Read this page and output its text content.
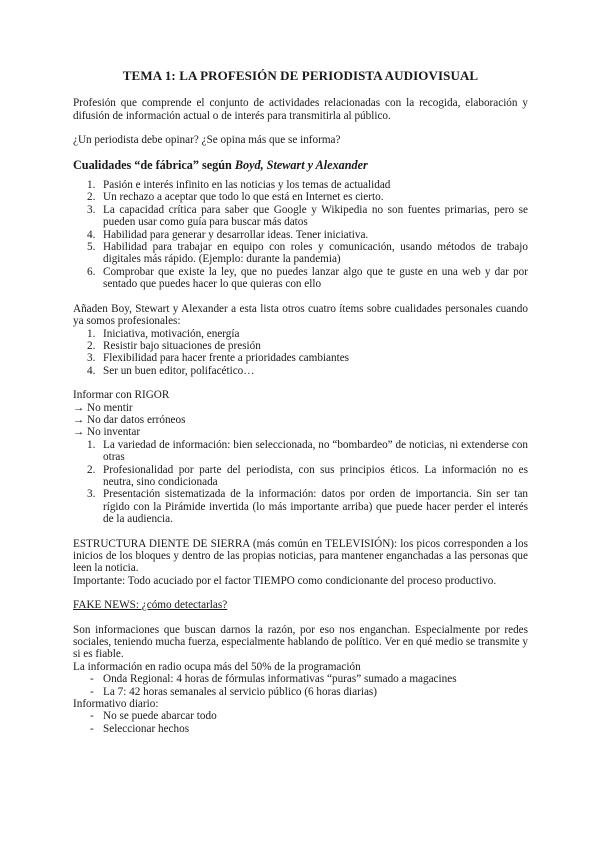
TEMA 1: LA PROFESIÓN DE PERIODISTA AUDIOVISUAL

Profesión que comprende el conjunto de actividades relacionadas con la recogida, elaboración y difusión de información actual o de interés para transmitirla al público.

¿Un periodista debe opinar? ¿Se opina más que se informa?

Cualidades “de fábrica” según Boyd, Stewart y Alexander

1. Pasión e interés infinito en las noticias y los temas de actualidad
2. Un rechazo a aceptar que todo lo que está en Internet es cierto.
3. La capacidad crítica para saber que Google y Wikipedia no son fuentes primarias, pero se pueden usar como guía para buscar más datos
4. Habilidad para generar y desarrollar ideas. Tener iniciativa.
5. Habilidad para trabajar en equipo con roles y comunicación, usando métodos de trabajo digitales más rápido. (Ejemplo: durante la pandemia)
6. Comprobar que existe la ley, que no puedes lanzar algo que te guste en una web y dar por sentado que puedes hacer lo que quieras con ello

Añaden Boy, Stewart y Alexander a esta lista otros cuatro ítems sobre cualidades personales cuando ya somos profesionales:

1. Iniciativa, motivación, energía
2. Resistir bajo situaciones de presión
3. Flexibilidad para hacer frente a prioridades cambiantes
4. Ser un buen editor, polifacético…

Informar con RIGOR

→ No mentir

→ No dar datos erróneos

→ No inventar

1. La variedad de información: bien seleccionada, no “bombardeo” de noticias, ni extenderse con otras
2. Profesionalidad por parte del periodista, con sus principios éticos. La información no es neutra, sino condicionada
3. Presentación sistematizada de la información: datos por orden de importancia. Sin ser tan rígido con la Pirámide invertida (lo más importante arriba) que puede hacer perder el interés de la audiencia.

ESTRUCTURA DIENTE DE SIERRA (más común en TELEVISIÓN): los picos corresponden a los inicios de los bloques y dentro de las propias noticias, para mantener enganchadas a las personas que leen la noticia.

Importante: Todo acuciado por el factor TIEMPO como condicionante del proceso productivo.

FAKE NEWS: ¿cómo detectarlas?

Son informaciones que buscan darnos la razón, por eso nos enganchan. Especialmente por redes sociales, teniendo mucha fuerza, especialmente hablando de político. Ver en qué medio se transmite y si es fiable.

La información en radio ocupa más del 50% de la programación

- Onda Regional: 4 horas de fórmulas informativas “puras” sumado a magacines
- La 7: 42 horas semanales al servicio público (6 horas diarias)

Informativo diario:

- No se puede abarcar todo
- Seleccionar hechos
